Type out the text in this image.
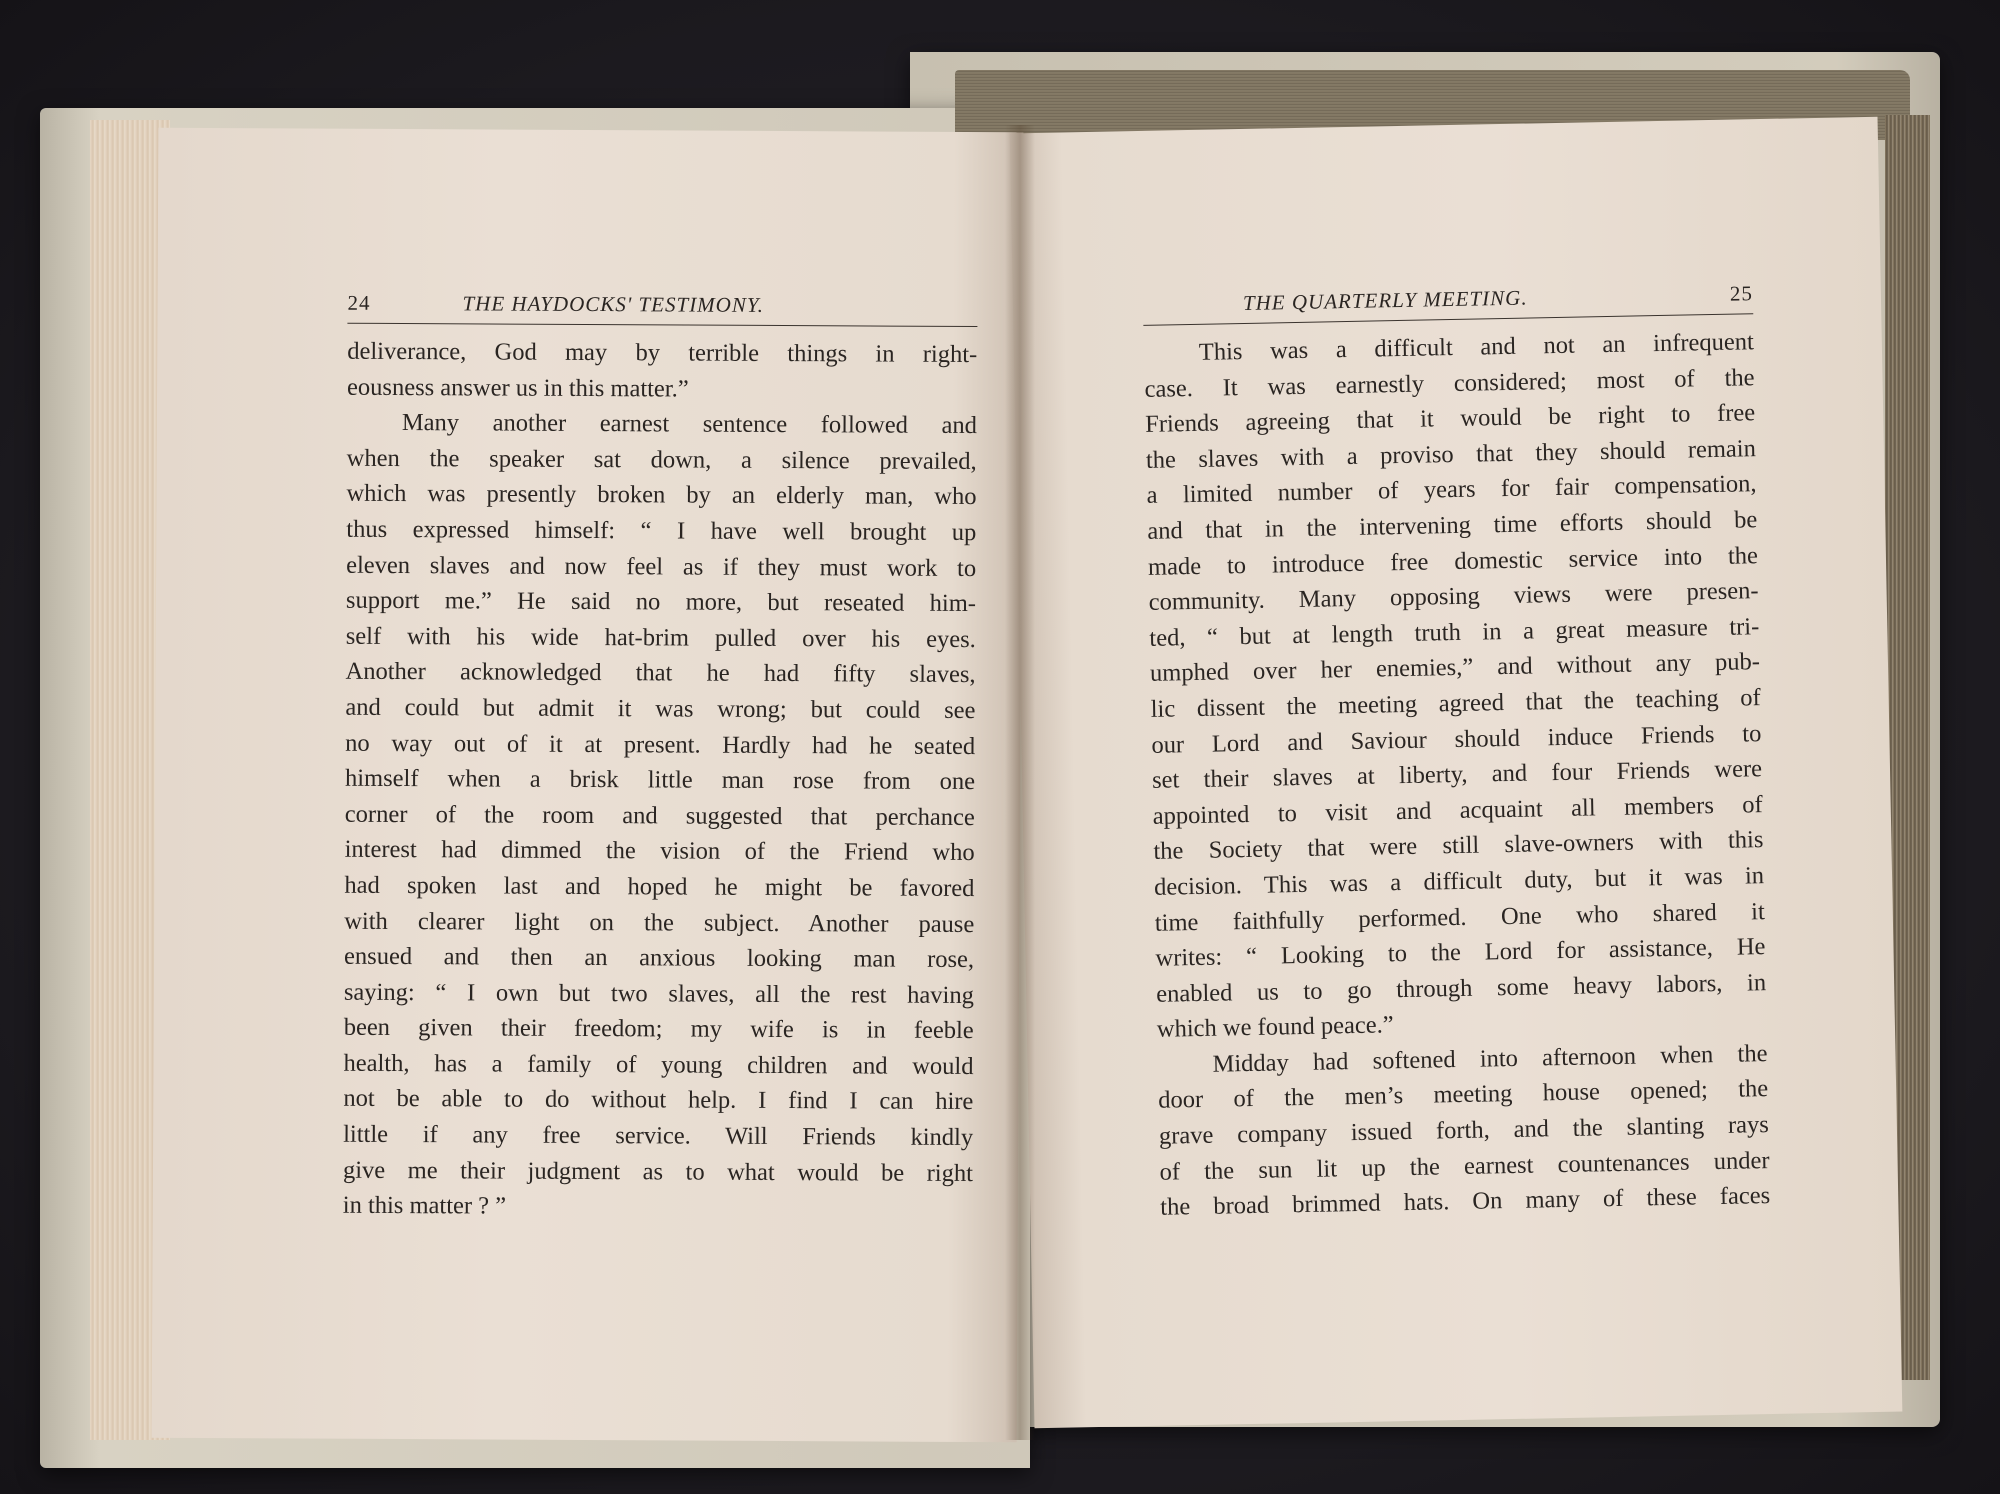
24	THE HAYDOCKS' TESTIMONY.
deliverance, God may by terrible things in right-
eousness answer us in this matter.”
Many another earnest sentence followed and
when the speaker sat down, a silence prevailed,
which was presently broken by an elderly man, who
thus expressed himself: “ I have well brought up
eleven slaves and now feel as if they must work to
support me.” He said no more, but reseated him-
self with his wide hat-brim pulled over his eyes.
Another acknowledged that he had fifty slaves,
and could but admit it was wrong; but could see
no way out of it at present. Hardly had he seated
himself when a brisk little man rose from one
corner of the room and suggested that perchance
interest had dimmed the vision of the Friend who
had spoken last and hoped he might be favored
with clearer light on the subject. Another pause
ensued and then an anxious looking man rose,
saying: “ I own but two slaves, all the rest having
been given their freedom; my wife is in feeble
health, has a family of young children and would
not be able to do without help. I find I can hire
little if any free service. Will Friends kindly
give me their judgment as to what would be right
in this matter ? ”
THE QUARTERLY MEETING.	25
This was a difficult and not an infrequent
case. It was earnestly considered; most of the
Friends agreeing that it would be right to free
the slaves with a proviso that they should remain
a limited number of years for fair compensation,
and that in the intervening time efforts should be
made to introduce free domestic service into the
community. Many opposing views were presen-
ted, “ but at length truth in a great measure tri-
umphed over her enemies,” and without any pub-
lic dissent the meeting agreed that the teaching of
our Lord and Saviour should induce Friends to
set their slaves at liberty, and four Friends were
appointed to visit and acquaint all members of
the Society that were still slave-owners with this
decision. This was a difficult duty, but it was in
time faithfully performed. One who shared it
writes: “ Looking to the Lord for assistance, He
enabled us to go through some heavy labors, in
which we found peace.”
Midday had softened into afternoon when the
door of the men’s meeting house opened; the
grave company issued forth, and the slanting rays
of the sun lit up the earnest countenances under
the broad brimmed hats. On many of these faces
